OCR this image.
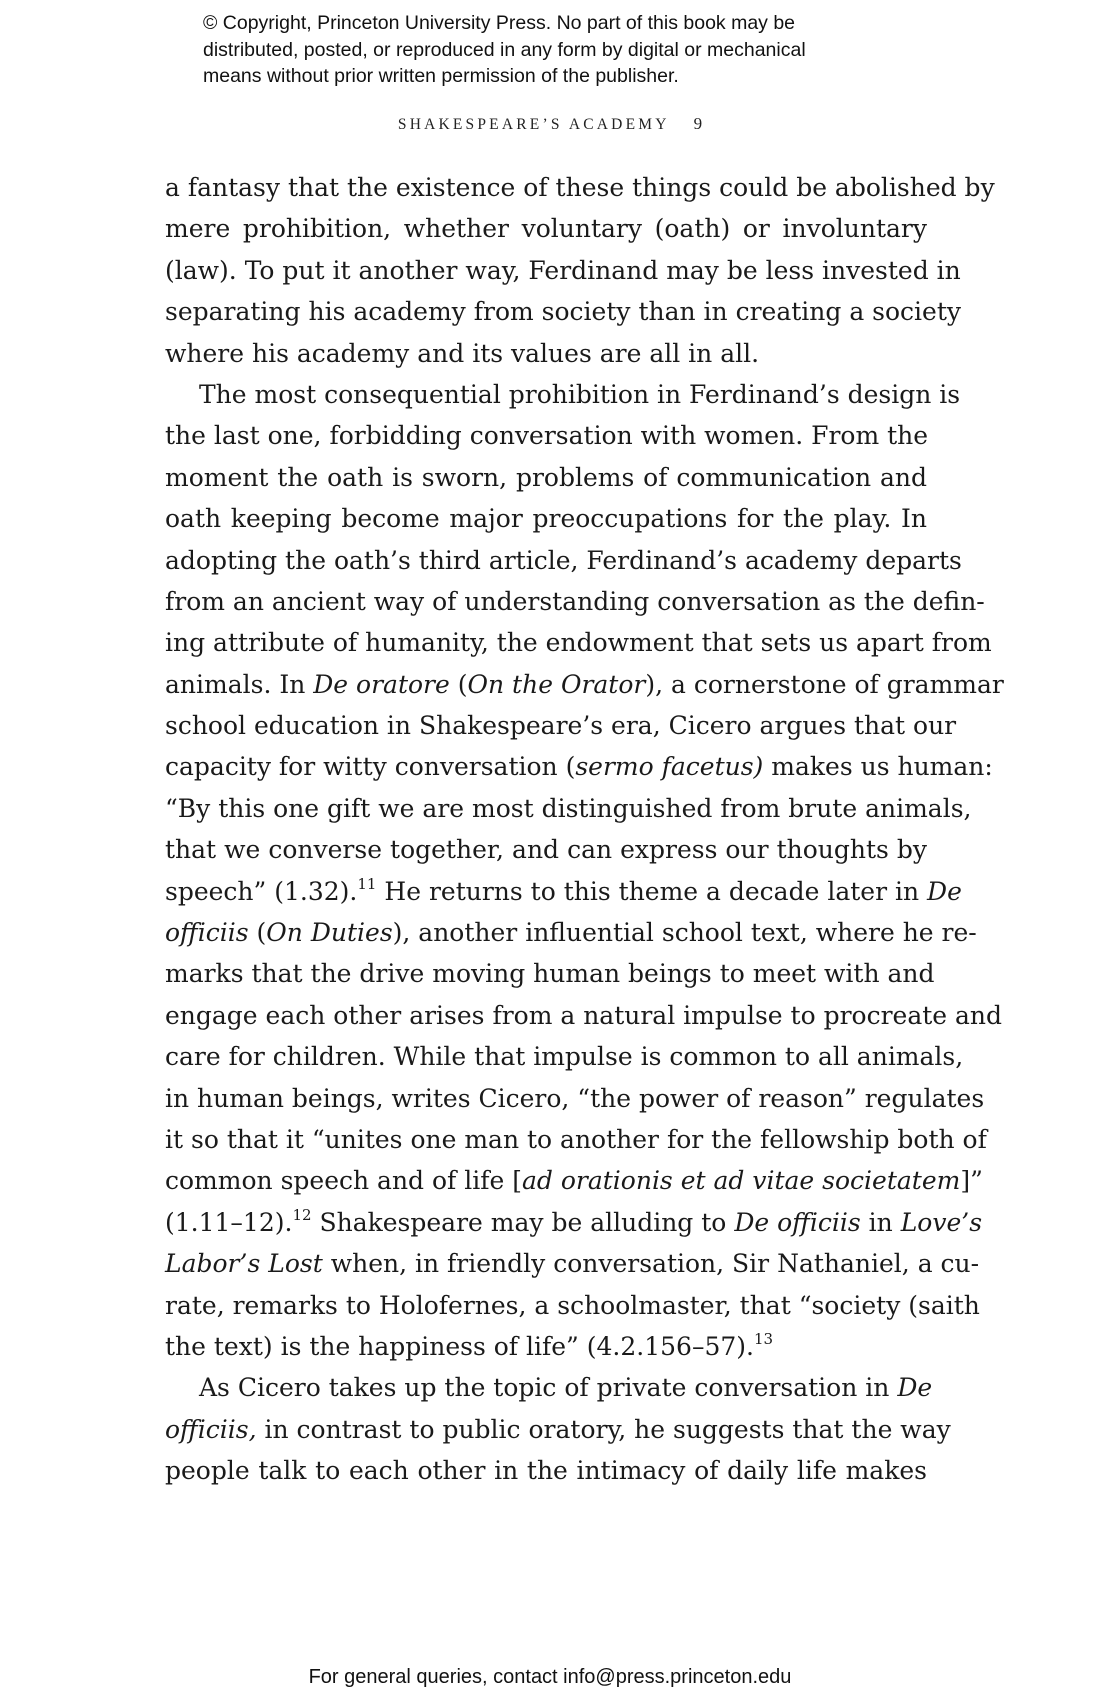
© Copyright, Princeton University Press. No part of this book may be
distributed, posted, or reproduced in any form by digital or mechanical
means without prior written permission of the publisher.
SHAKESPEARE’S ACADEMY 9
a fantasy that the existence of these things could be abolished by
mere prohibition, whether voluntary (oath) or involuntary
(law). To put it another way, Ferdinand may be less invested in
separating his academy from society than in creating a society
where his academy and its values are all in all.
The most consequential prohibition in Ferdinand’s design is
the last one, forbidding conversation with women. From the
moment the oath is sworn, problems of communication and
oath keeping become major preoccupations for the play. In
adopting the oath’s third article, Ferdinand’s academy departs
from an ancient way of understanding conversation as the defin-
ing attribute of humanity, the endowment that sets us apart from
animals. In De oratore (On the Orator), a cornerstone of grammar
school education in Shakespeare’s era, Cicero argues that our
capacity for witty conversation (sermo facetus) makes us human:
“By this one gift we are most distinguished from brute animals,
that we converse together, and can express our thoughts by
speech” (1.32).$^{11}$ He returns to this theme a decade later in De
officiis (On Duties), another influential school text, where he re-
marks that the drive moving human beings to meet with and
engage each other arises from a natural impulse to procreate and
care for children. While that impulse is common to all animals,
in human beings, writes Cicero, “the power of reason” regulates
it so that it “unites one man to another for the fellowship both of
common speech and of life [ad orationis et ad vitae societatem]”
(1.11–12).$^{12}$ Shakespeare may be alluding to De officiis in Love’s
Labor’s Lost when, in friendly conversation, Sir Nathaniel, a cu-
rate, remarks to Holofernes, a schoolmaster, that “society (saith
the text) is the happiness of life” (4.2.156–57).$^{13}$
As Cicero takes up the topic of private conversation in De
officiis, in contrast to public oratory, he suggests that the way
people talk to each other in the intimacy of daily life makes
For general queries, contact info@press.princeton.edu
